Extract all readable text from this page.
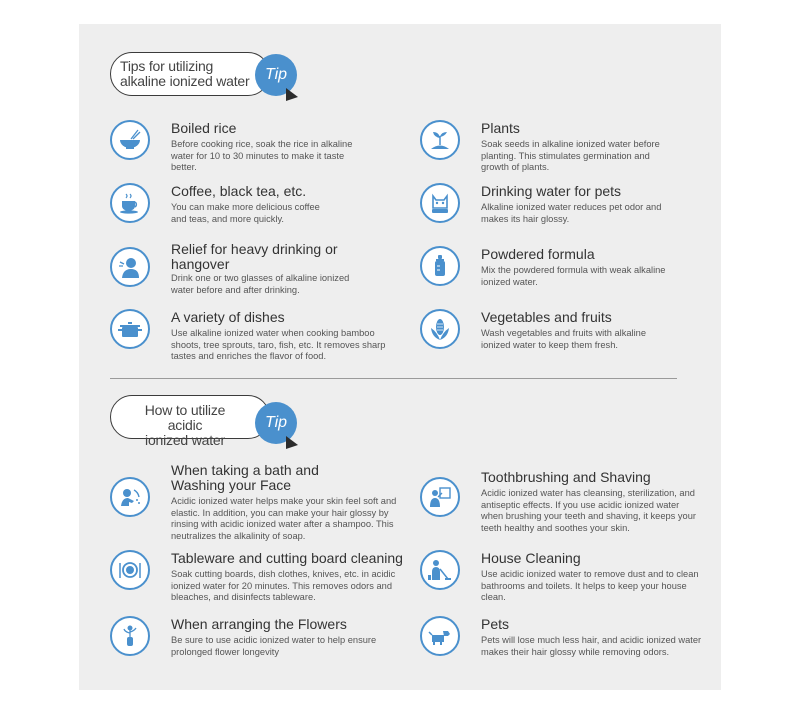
Tips for utilizing
alkaline ionized water Tip
Boiled rice
Before cooking rice, soak the rice in alkaline water for 10 to 30 minutes to make it taste better.
Coffee, black tea, etc.
You can make more delicious coffee and teas, and more quickly.
Relief for heavy drinking or
hangover
Drink one or two glasses of alkaline ionized water before and after drinking.
A variety of dishes
Use alkaline ionized water when cooking bamboo shoots, tree sprouts, taro, fish, etc. It removes sharp tastes and enriches the flavor of food.
Plants
Soak seeds in alkaline ionized water before planting. This stimulates germination and growth of plants.
Drinking water for pets
Alkaline ionized water reduces pet odor and makes its hair glossy.
Powdered formula
Mix the powdered formula with weak alkaline ionized water.
Vegetables and fruits
Wash vegetables and fruits with alkaline ionized water to keep them fresh.
How to utilize acidic
ionized water
Tip
When taking a bath and
Washing your Face
Acidic ionized water helps make your skin feel soft and elastic. In addition, you can make your hair glossy by rinsing with acidic ionized water after a shampoo. This neutralizes the alkalinity of soap.
Tableware and cutting board cleaning
Soak cutting boards, dish clothes, knives, etc. in acidic ionized water for 20 minutes. This removes odors and bleaches, and disinfects tableware.
When arranging the Flowers
Be sure to use acidic ionized water to help ensure prolonged flower longevity
Toothbrushing and Shaving
Acidic ionized water has cleansing, sterilization, and antiseptic effects. If you use acidic ionized water when brushing your teeth and shaving, it keeps your teeth healthy and soothes your skin.
House Cleaning
Use acidic ionized water to remove dust and to clean bathrooms and toilets. It helps to keep your house clean.
Pets
Pets will lose much less hair, and acidic ionized water makes their hair glossy while removing odors.
